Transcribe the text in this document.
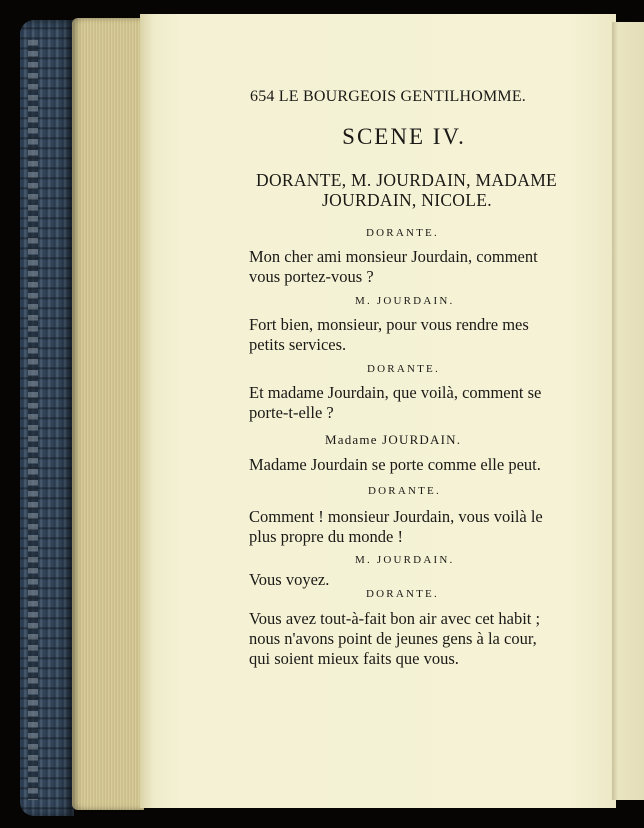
654 LE BOURGEOIS GENTILHOMME.
SCENE IV.
DORANTE, M. JOURDAIN, MADAME
JOURDAIN, NICOLE.
DORANTE.
Mon cher ami monsieur Jourdain, comment
vous portez-vous ?
M. JOURDAIN.
Fort bien, monsieur, pour vous rendre mes
petits services.
DORANTE.
Et madame Jourdain, que voilà, comment se
porte-t-elle ?
Madame JOURDAIN.
Madame Jourdain se porte comme elle peut.
DORANTE.
Comment ! monsieur Jourdain, vous voilà le
plus propre du monde !
M. JOURDAIN.
Vous voyez.
DORANTE.
Vous avez tout-à-fait bon air avec cet habit ;
nous n'avons point de jeunes gens à la cour,
qui soient mieux faits que vous.
